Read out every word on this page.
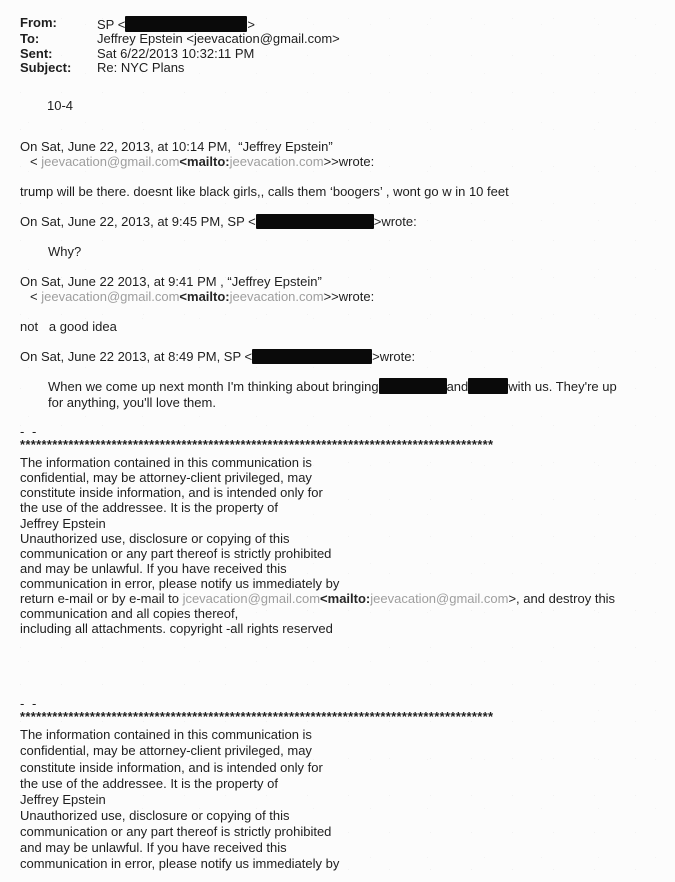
From:	SP <	>
To:	Jeffrey Epstein <jeevacation@gmail.com>
Sent:	Sat 6/22/2013 10:32:11 PM
Subject:	Re: NYC Plans
10-4
On Sat, June 22, 2013, at 10:14 PM,  “Jeffrey Epstein”
< jeevacation@gmail.com<mailto:jeevacation.com>>wrote:
trump will be there. doesnt like black girls,, calls them ‘boogers’ , wont go w in 10 feet
On Sat, June 22, 2013, at 9:45 PM, SP <	>wrote:
Why?
On Sat, June 22 2013, at 9:41 PM , “Jeffrey Epstein”
< jeevacation@gmail.com<mailto:jeevacation.com>>wrote:
not   a good idea
On Sat, June 22 2013, at 8:49 PM, SP <	>wrote:
When we come up next month I'm thinking about bringing	and	with us. They're up
for anything, you'll love them.
- -
****************************************************************************************
The information contained in this communication is
confidential, may be attorney-client privileged, may
constitute inside information, and is intended only for
the use of the addressee. It is the property of
Jeffrey Epstein
Unauthorized use, disclosure or copying of this
communication or any part thereof is strictly prohibited
and may be unlawful. If you have received this
communication in error, please notify us immediately by
return e-mail or by e-mail to jcevacation@gmail.com<mailto:jeevacation@gmail.com>, and destroy this
communication and all copies thereof,
including all attachments. copyright -all rights reserved
- -
****************************************************************************************
The information contained in this communication is
confidential, may be attorney-client privileged, may
constitute inside information, and is intended only for
the use of the addressee. It is the property of
Jeffrey Epstein
Unauthorized use, disclosure or copying of this
communication or any part thereof is strictly prohibited
and may be unlawful. If you have received this
communication in error, please notify us immediately by
